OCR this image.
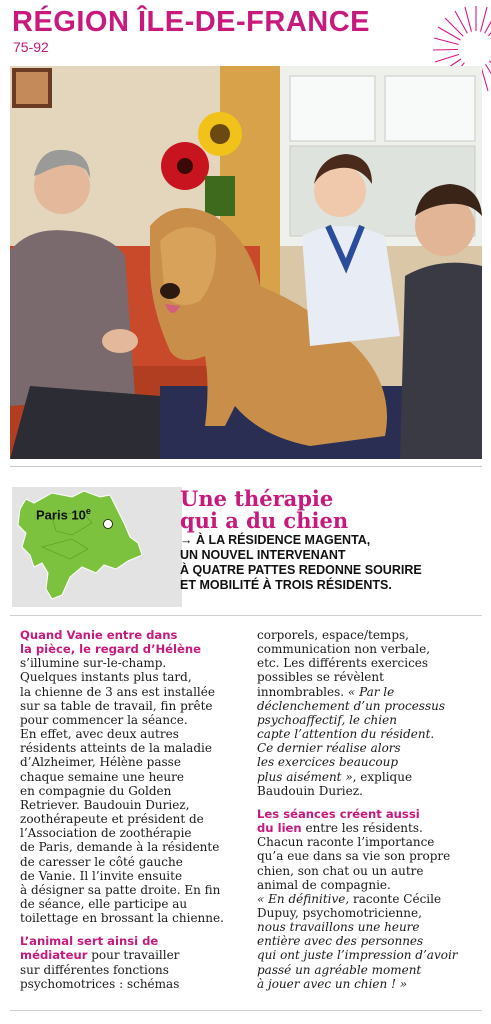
RÉGION ÎLE-DE-FRANCE
75-92
Paris 10e	Une thérapie
qui a du chien
→ À LA RÉSIDENCE MAGENTA,
UN NOUVEL INTERVENANT
À QUATRE PATTES REDONNE SOURIRE
ET MOBILITÉ À TROIS RÉSIDENTS.
Quand Vanie entre dans
la pièce, le regard d’Hélène
s’illumine sur-le-champ.
Quelques instants plus tard,
la chienne de 3 ans est installée
sur sa table de travail, fin prête
pour commencer la séance.
En effet, avec deux autres
résidents atteints de la maladie
d’Alzheimer, Hélène passe
chaque semaine une heure
en compagnie du Golden
Retriever. Baudouin Duriez,
zoothérapeute et président de
l’Association de zoothérapie
de Paris, demande à la résidente
de caresser le côté gauche
de Vanie. Il l’invite ensuite
à désigner sa patte droite. En fin
de séance, elle participe au
toilettage en brossant la chienne.
L’animal sert ainsi de
médiateur pour travailler
sur différentes fonctions
psychomotrices : schémas
corporels, espace/temps,
communication non verbale,
etc. Les différents exercices
possibles se révèlent
innombrables. « Par le
déclenchement d’un processus
psychoaffectif, le chien
capte l’attention du résident.
Ce dernier réalise alors
les exercices beaucoup
plus aisément », explique
Baudouin Duriez.
Les séances créent aussi
du lien entre les résidents.
Chacun raconte l’importance
qu’a eue dans sa vie son propre
chien, son chat ou un autre
animal de compagnie.
« En définitive, raconte Cécile
Dupuy, psychomotricienne,
nous travaillons une heure
entière avec des personnes
qui ont juste l’impression d’avoir
passé un agréable moment
à jouer avec un chien ! »
